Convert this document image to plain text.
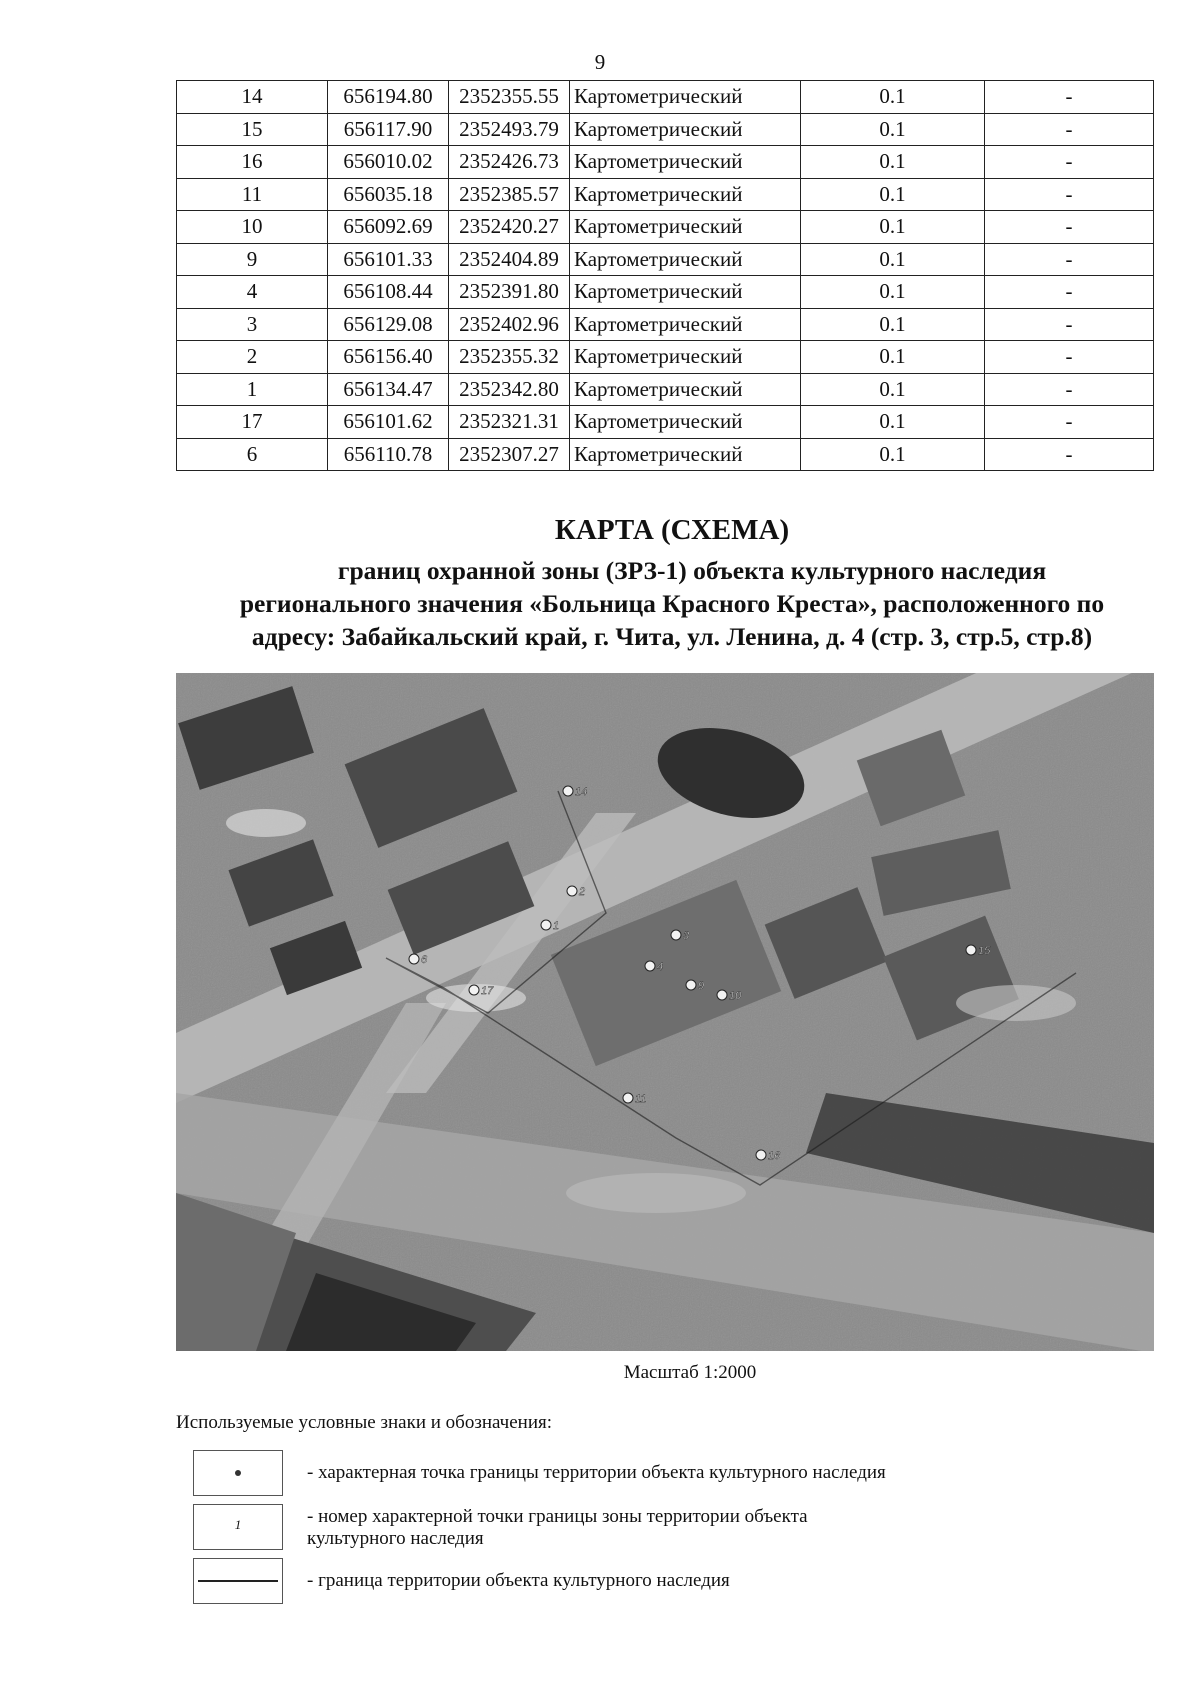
9
14	656194.80	2352355.55	Картометрический	0.1	-
15	656117.90	2352493.79	Картометрический	0.1	-
16	656010.02	2352426.73	Картометрический	0.1	-
11	656035.18	2352385.57	Картометрический	0.1	-
10	656092.69	2352420.27	Картометрический	0.1	-
9	656101.33	2352404.89	Картометрический	0.1	-
4	656108.44	2352391.80	Картометрический	0.1	-
3	656129.08	2352402.96	Картометрический	0.1	-
2	656156.40	2352355.32	Картометрический	0.1	-
1	656134.47	2352342.80	Картометрический	0.1	-
17	656101.62	2352321.31	Картометрический	0.1	-
6	656110.78	2352307.27	Картометрический	0.1	-
КАРТА (СХЕМА)
границ охранной зоны (ЗРЗ-1) объекта культурного наследия
регионального значения «Больница Красного Креста», расположенного по
адресу: Забайкальский край, г. Чита, ул. Ленина, д. 4 (стр. 3, стр.5, стр.8)
14
2
1
3
4
9
10
6
17
11
16
15
Масштаб 1:2000
Используемые условные знаки и обозначения:
- характерная точка границы территории объекта культурного наследия
1	- номер характерной точки границы зоны территории объекта культурного наследия
- граница территории объекта культурного наследия
